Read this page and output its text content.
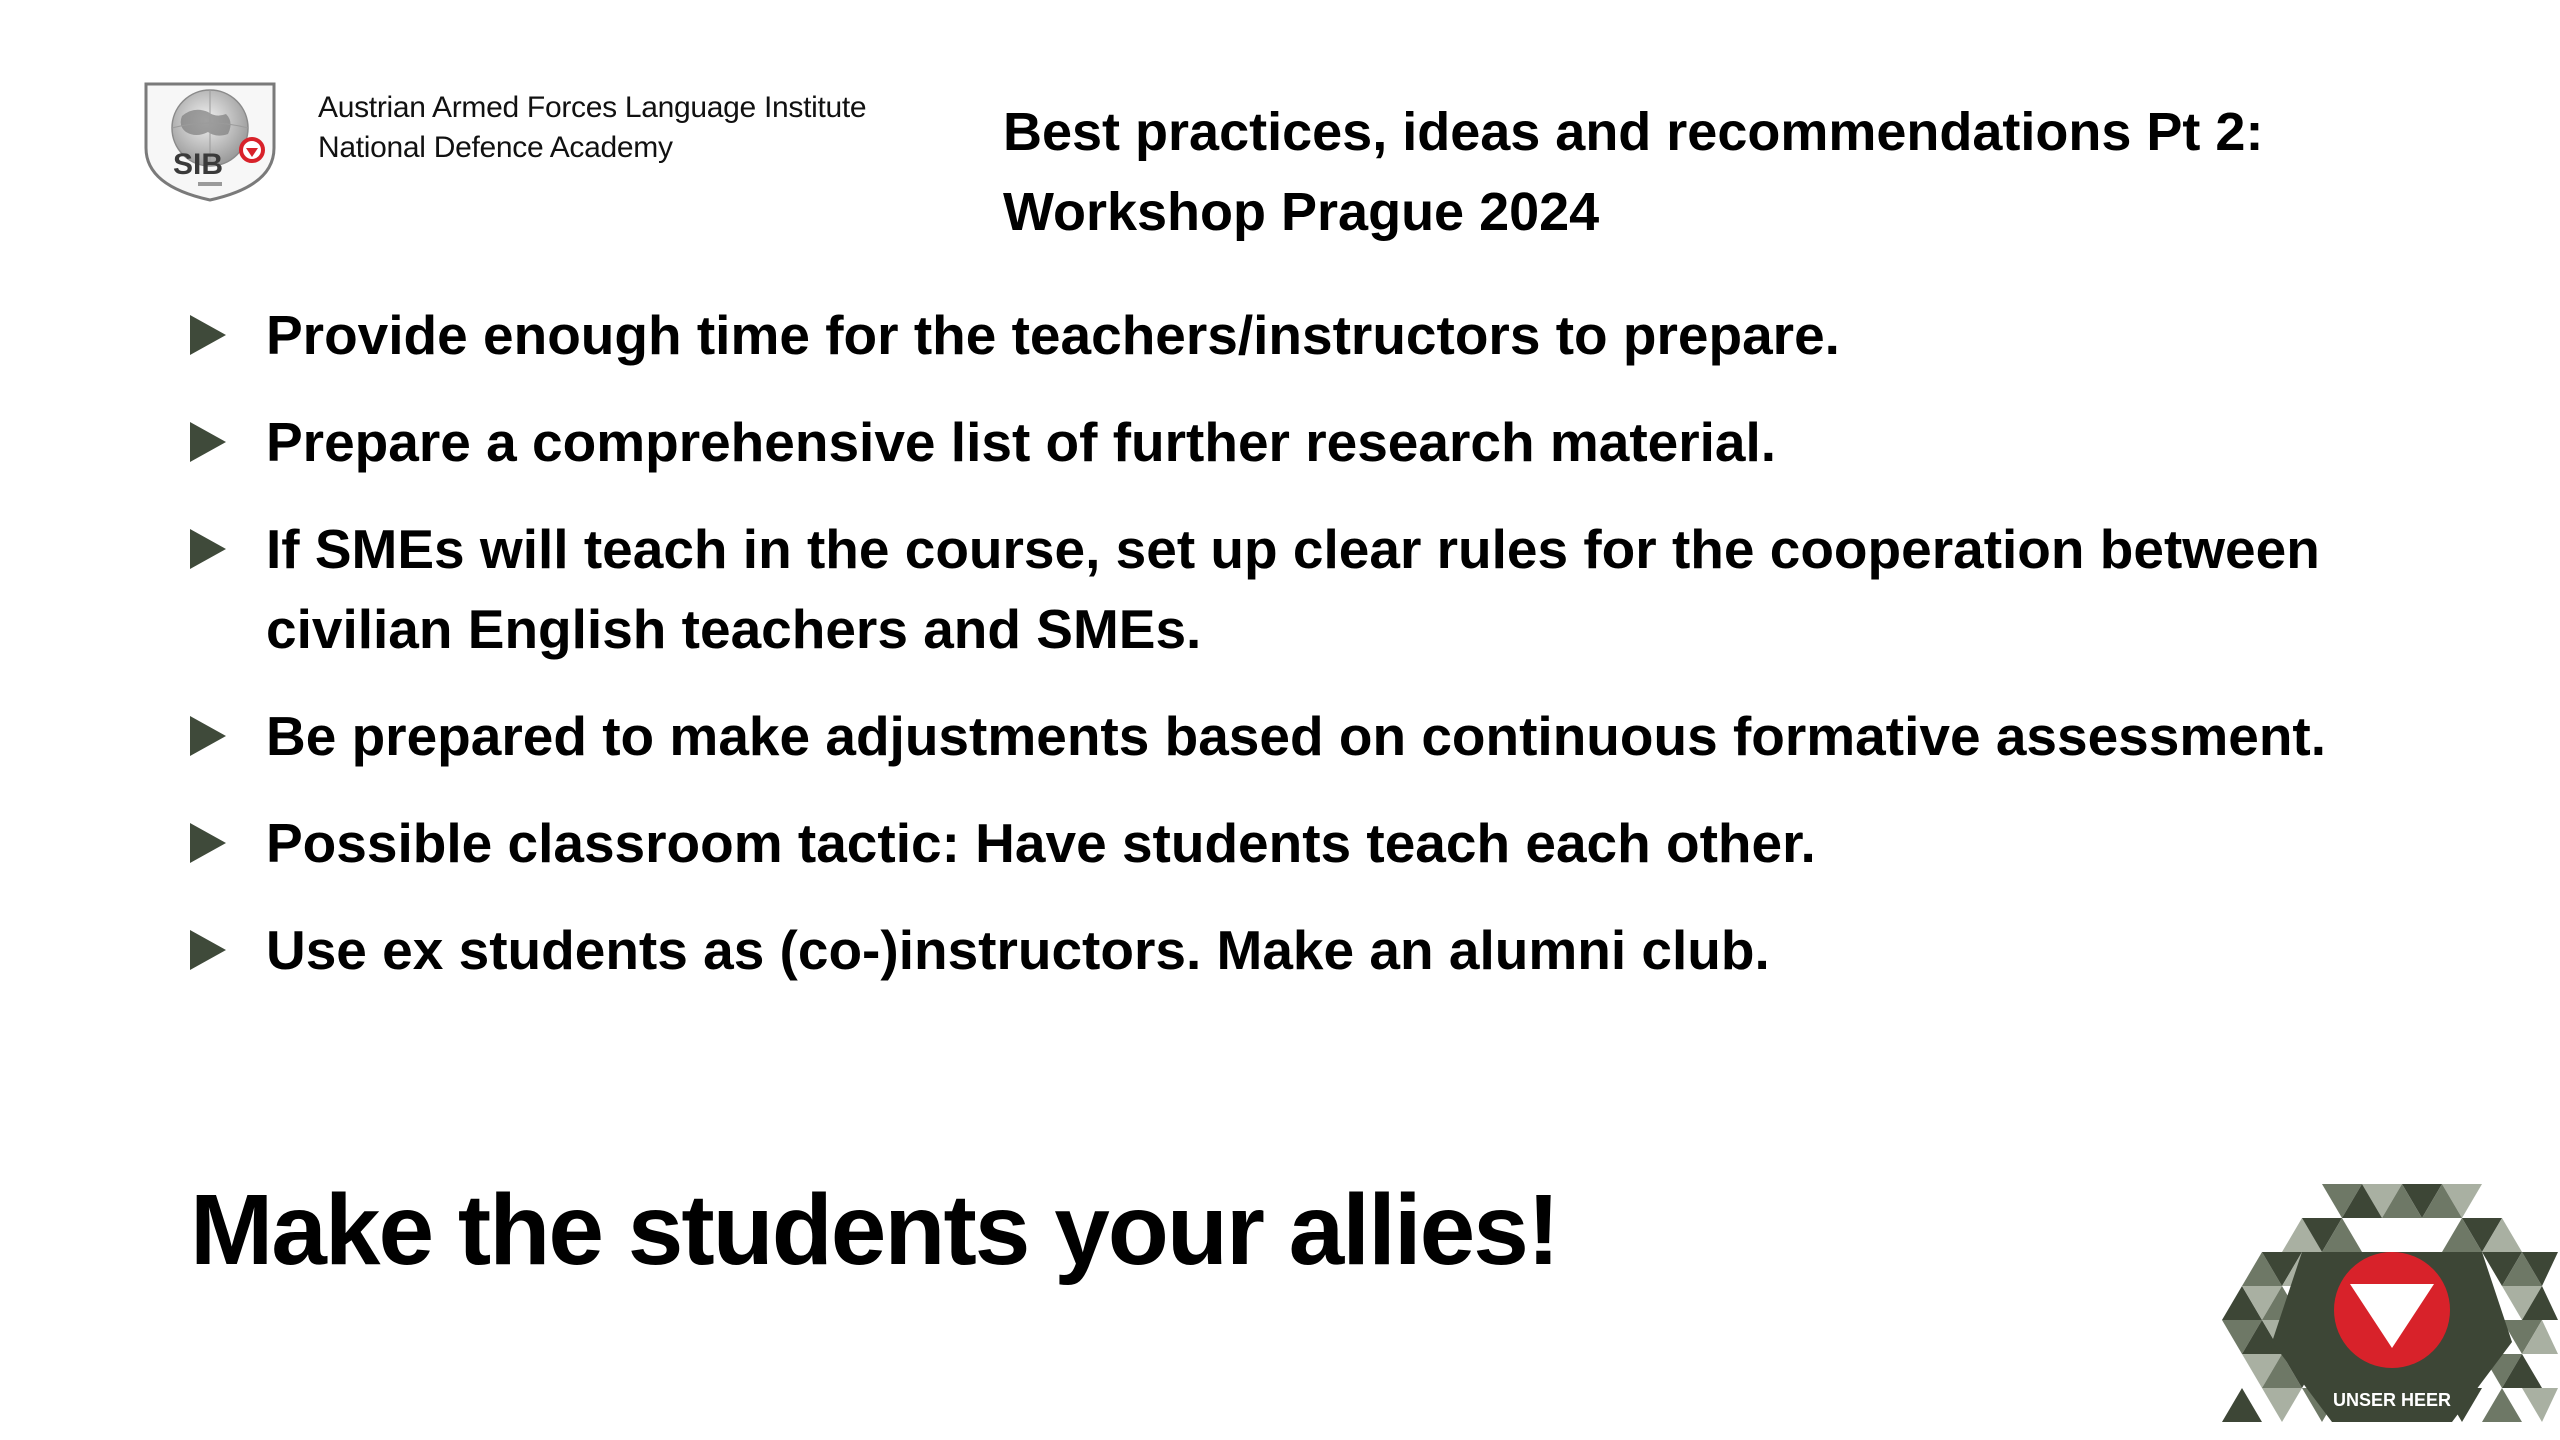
SIB
Austrian Armed Forces Language Institute
National Defence Academy	Best practices, ideas and recommendations Pt 2:
Workshop Prague 2024
Provide enough time for the teachers/instructors to prepare.
Prepare a comprehensive list of further research material.
If SMEs will teach in the course, set up clear rules for the cooperation between civilian English teachers and SMEs.
Be prepared to make adjustments based on continuous formative assessment.
Possible classroom tactic: Have students teach each other.
Use ex students as (co-)instructors. Make an alumni club.
Make the students your allies!
UNSER HEER
